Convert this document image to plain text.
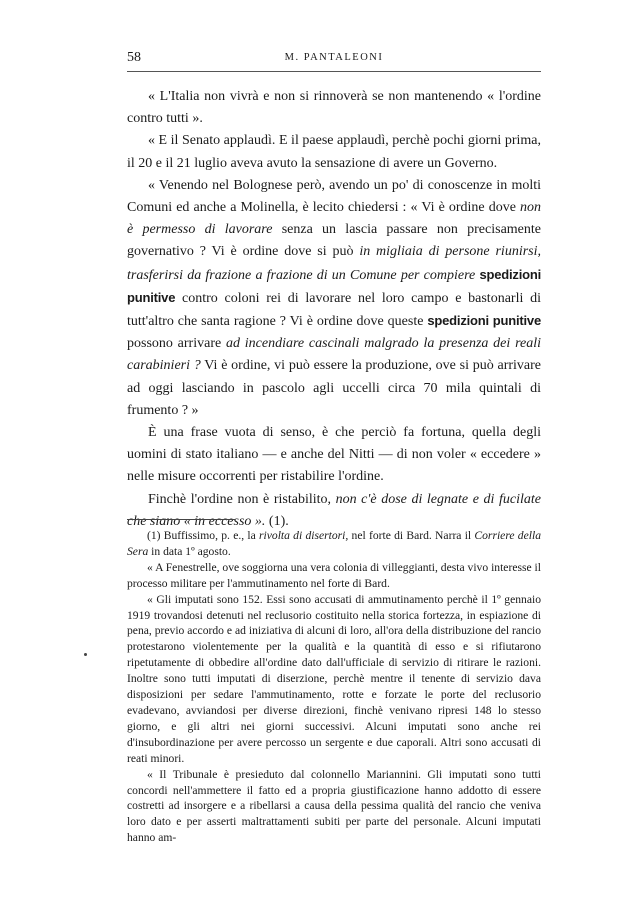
58	M. PANTALEONI

« L'Italia non vivrà e non si rinnoverà se non mantenendo « l'ordine contro tutti ».

« E il Senato applaudì. E il paese applaudì, perchè pochi giorni prima, il 20 e il 21 luglio aveva avuto la sensazione di avere un Governo.

« Venendo nel Bolognese però, avendo un po' di conoscenze in molti Comuni ed anche a Molinella, è lecito chiedersi : « Vi è ordine dove non è permesso di lavorare senza un lascia passare non precisamente governativo ? Vi è ordine dove si può in migliaia di persone riunirsi, trasferirsi da frazione a frazione di un Comune per compiere spedizioni punitive contro coloni rei di lavorare nel loro campo e bastonarli di tutt'altro che santa ragione ? Vi è ordine dove queste spedizioni punitive possono arrivare ad incendiare cascinali malgrado la presenza dei reali carabinieri ? Vi è ordine, vi può essere la produzione, ove si può arrivare ad oggi lasciando in pascolo agli uccelli circa 70 mila quintali di frumento ? »

È una frase vuota di senso, è che perciò fa fortuna, quella degli uomini di stato italiano — e anche del Nitti — di non voler « eccedere » nelle misure occorrenti per ristabilire l'ordine.

Finchè l'ordine non è ristabilito, non c'è dose di legnate e di fucilate che siano « in eccesso ». (1).

(1) Buffissimo, p. e., la rivolta di disertori, nel forte di Bard. Narra il Corriere della Sera in data 1º agosto.

« A Fenestrelle, ove soggiorna una vera colonia di villeggianti, desta vivo interesse il processo militare per l'ammutinamento nel forte di Bard.

« Gli imputati sono 152. Essi sono accusati di ammutinamento perchè il 1º gennaio 1919 trovandosi detenuti nel reclusorio costituito nella storica fortezza, in espiazione di pena, previo accordo e ad iniziativa di alcuni di loro, all'ora della distribuzione del rancio protestarono violentemente per la qualità e la quantità di esso e si rifiutarono ripetutamente di obbedire all'ordine dato dall'ufficiale di servizio di ritirare le razioni. Inoltre sono tutti imputati di diserzione, perchè mentre il tenente di servizio dava disposizioni per sedare l'ammutinamento, rotte e forzate le porte del reclusorio evadevano, avviandosi per diverse direzioni, finchè venivano ripresi 148 lo stesso giorno, e gli altri nei giorni successivi. Alcuni imputati sono anche rei d'insubordinazione per avere percosso un sergente e due caporali. Altri sono accusati di reati minori.

« Il Tribunale è presieduto dal colonnello Mariannini. Gli imputati sono tutti concordi nell'ammettere il fatto ed a propria giustificazione hanno addotto di essere costretti ad insorgere e a ribellarsi a causa della pessima qualità del rancio che veniva loro dato e per asserti maltrattamenti subiti per parte del personale. Alcuni imputati hanno am-
